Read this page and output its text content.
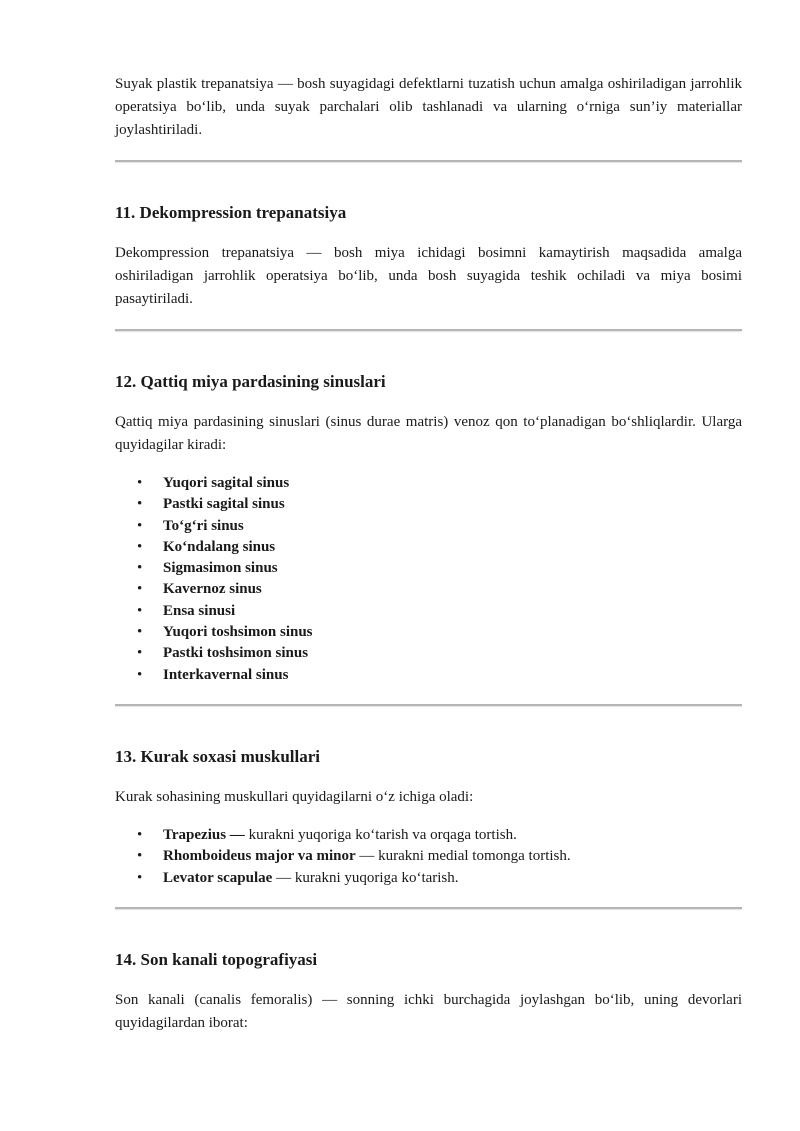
Suyak plastik trepanatsiya — bosh suyagidagi defektlarni tuzatish uchun amalga oshiriladigan jarrohlik operatsiya bo‘lib, unda suyak parchalari olib tashlanadi va ularning o‘rniga sun’iy materiallar joylashtiriladi.

11. Dekompression trepanatsiya

Dekompression trepanatsiya — bosh miya ichidagi bosimni kamaytirish maqsadida amalga oshiriladigan jarrohlik operatsiya bo‘lib, unda bosh suyagida teshik ochiladi va miya bosimi pasaytiriladi.

12. Qattiq miya pardasining sinuslari

Qattiq miya pardasining sinuslari (sinus durae matris) venoz qon to‘planadigan bo‘shliqlardir. Ularga quyidagilar kiradi:

• Yuqori sagital sinus
• Pastki sagital sinus
• To‘g‘ri sinus
• Ko‘ndalang sinus
• Sigmasimon sinus
• Kavernoz sinus
• Ensa sinusi
• Yuqori toshsimon sinus
• Pastki toshsimon sinus
• Interkavernal sinus
13. Kurak soxasi muskullari

Kurak sohasining muskullari quyidagilarni o‘z ichiga oladi:

• Trapezius — kurakni yuqoriga ko‘tarish va orqaga tortish.
• Rhomboideus major va minor — kurakni medial tomonga tortish.
• Levator scapulae — kurakni yuqoriga ko‘tarish.
14. Son kanali topografiyasi

Son kanali (canalis femoralis) — sonning ichki burchagida joylashgan bo‘lib, uning devorlari quyidagilardan iborat:
